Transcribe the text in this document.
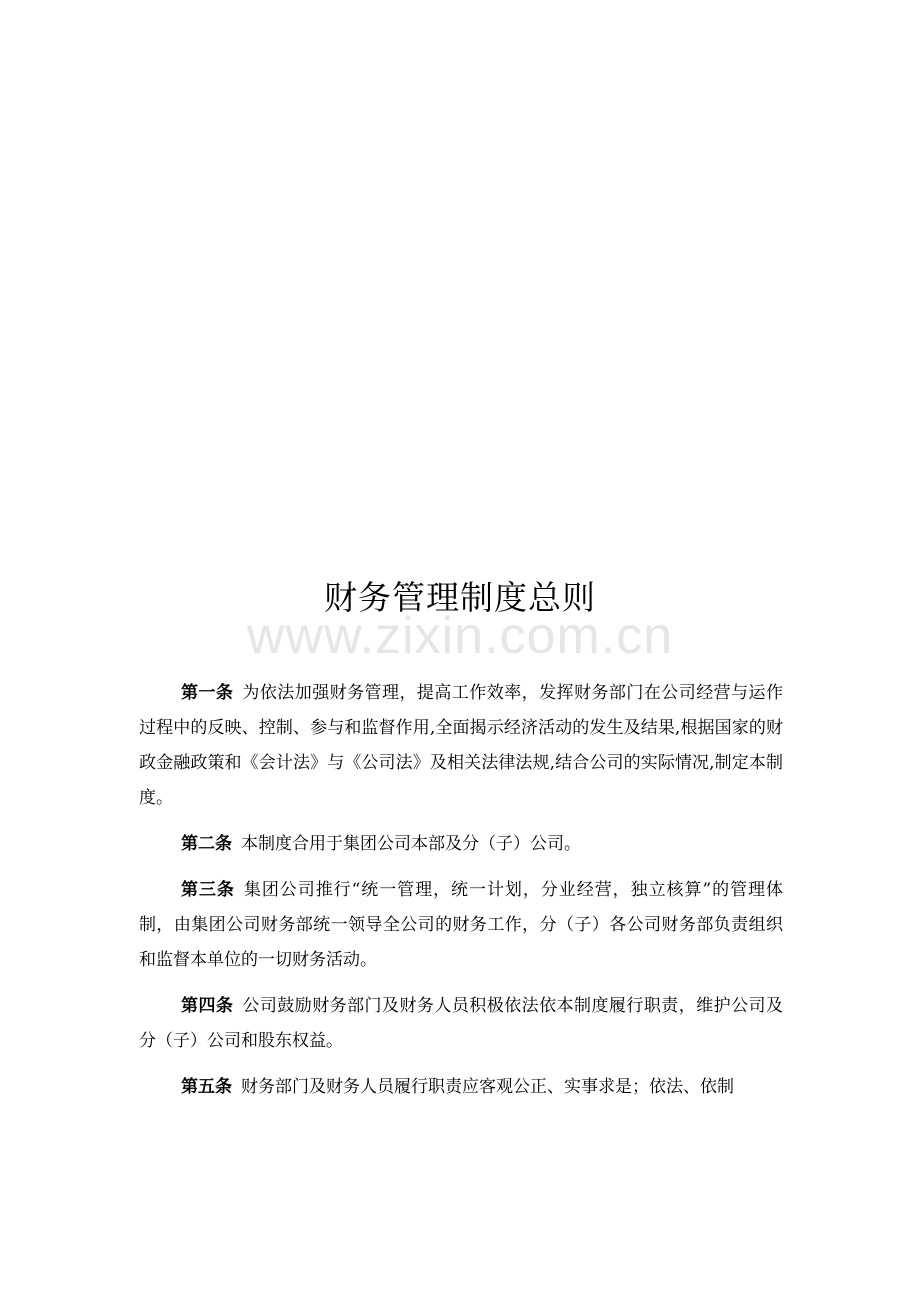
财务管理制度总则
www.zixin.com.cn

第一条 为依法加强财务管理，提高工作效率，发挥财务部门在公司经营与运作过程中的反映、控制、参与和监督作用,全面揭示经济活动的发生及结果,根据国家的财政金融政策和《会计法》与《公司法》及相关法律法规,结合公司的实际情况,制定本制度。

第二条 本制度合用于集团公司本部及分（子）公司。

第三条 集团公司推行“统一管理，统一计划，分业经营，独立核算”的管理体制，由集团公司财务部统一领导全公司的财务工作，分（子）各公司财务部负责组织和监督本单位的一切财务活动。

第四条 公司鼓励财务部门及财务人员积极依法依本制度履行职责，维护公司及分（子）公司和股东权益。

第五条 财务部门及财务人员履行职责应客观公正、实事求是；依法、依制
